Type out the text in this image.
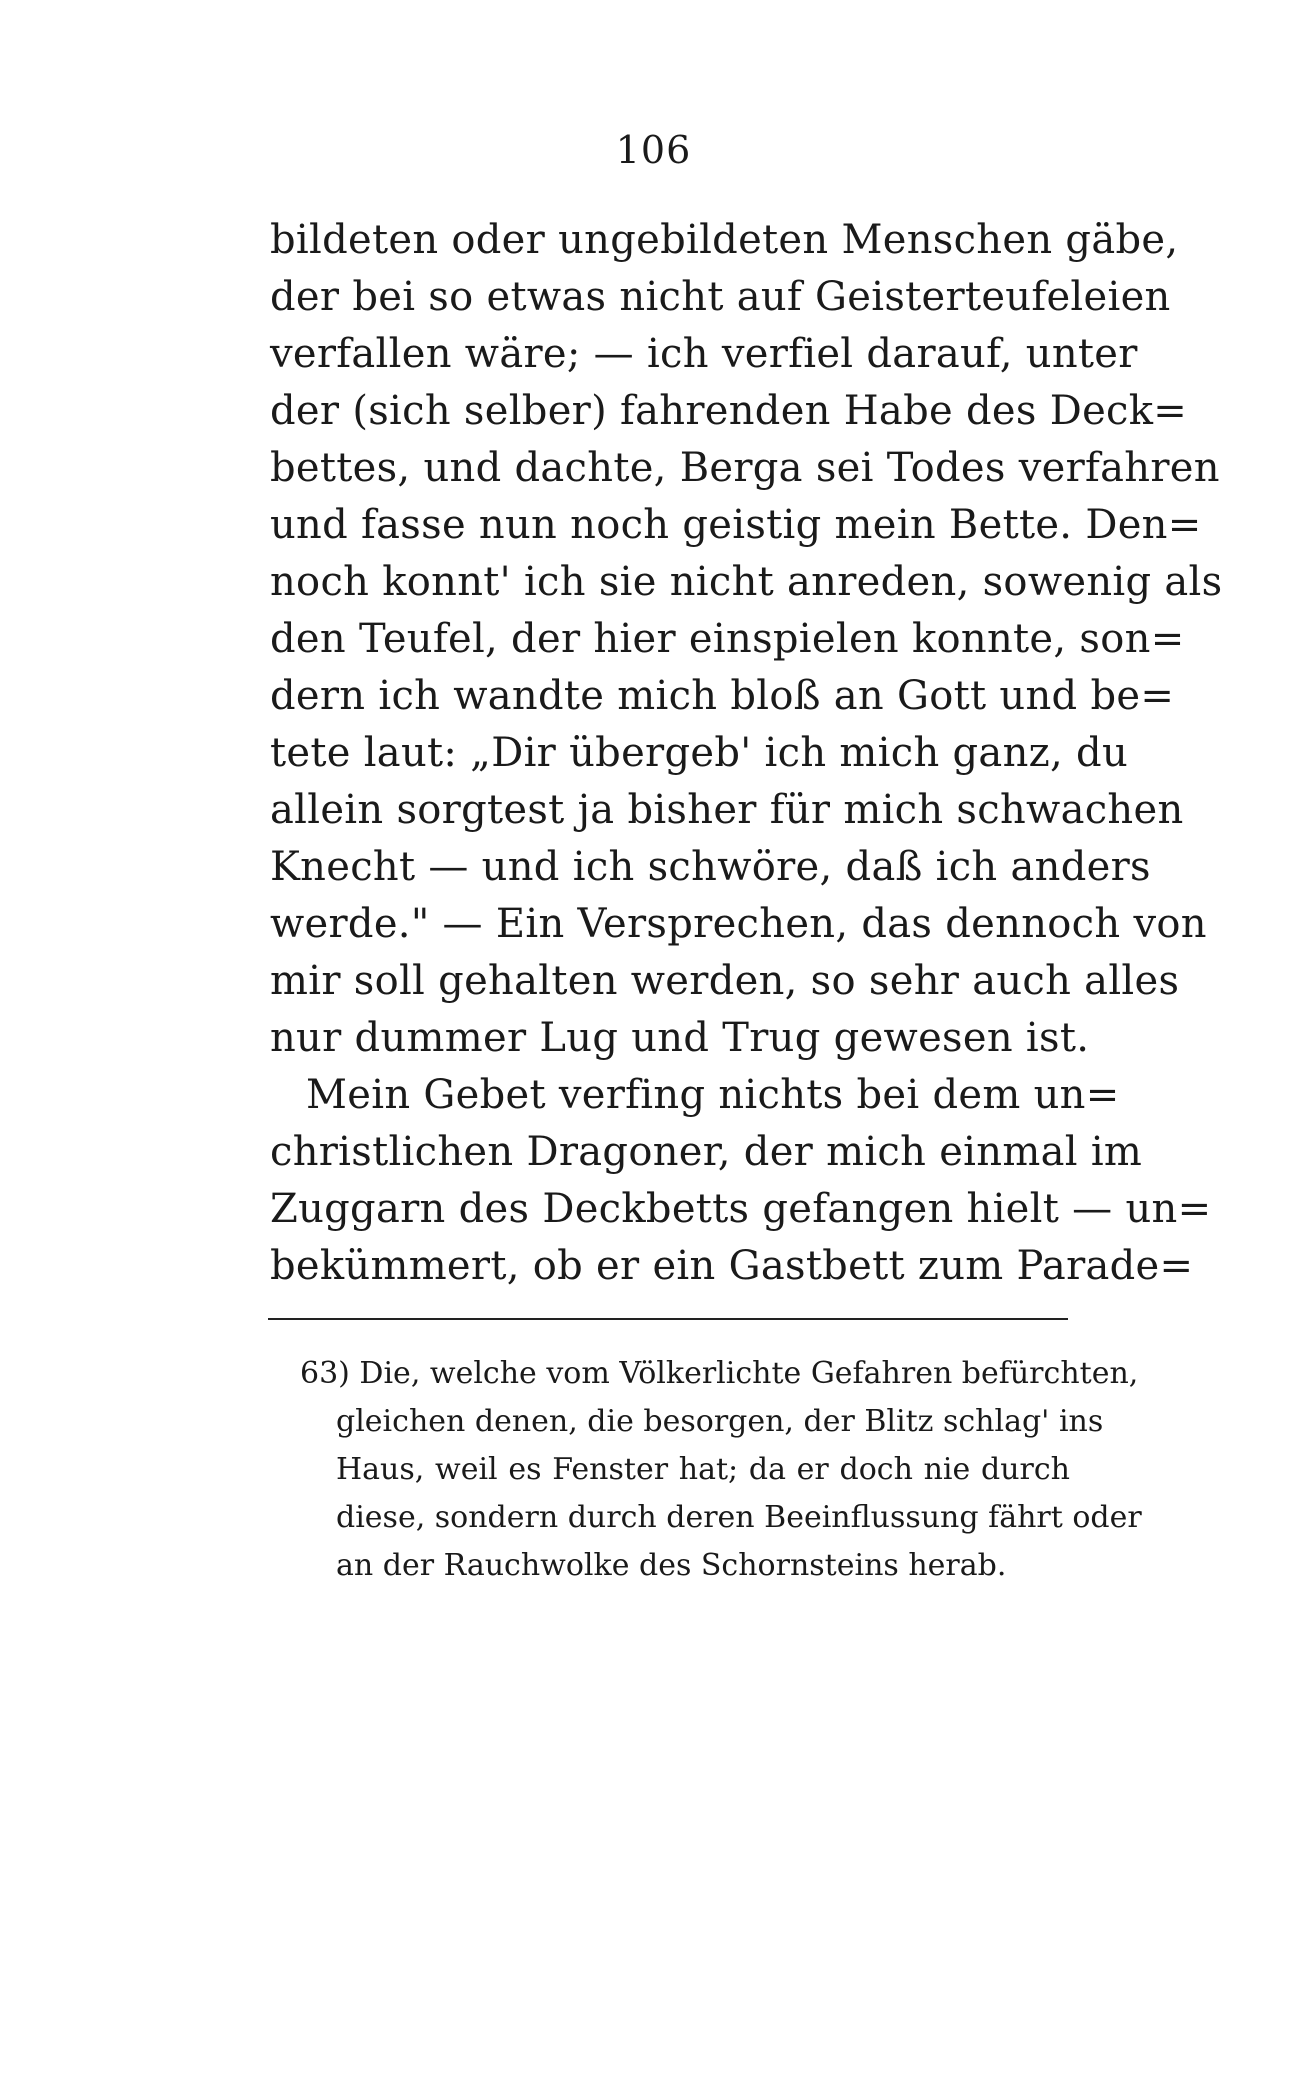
106
bildeten oder ungebildeten Menschen gäbe,
der bei so etwas nicht auf Geisterteufeleien
verfallen wäre; — ich verfiel darauf, unter
der (sich selber) fahrenden Habe des Deck=
bettes, und dachte, Berga sei Todes verfahren
und fasse nun noch geistig mein Bette. Den=
noch konnt' ich sie nicht anreden, sowenig als
den Teufel, der hier einspielen konnte, son=
dern ich wandte mich bloß an Gott und be=
tete laut: „Dir übergeb' ich mich ganz, du
allein sorgtest ja bisher für mich schwachen
Knecht — und ich schwöre, daß ich anders
werde." — Ein Versprechen, das dennoch von
mir soll gehalten werden, so sehr auch alles
nur dummer Lug und Trug gewesen ist.
Mein Gebet verfing nichts bei dem un=
christlichen Dragoner, der mich einmal im
Zuggarn des Deckbetts gefangen hielt — un=
bekümmert, ob er ein Gastbett zum Parade=
63) Die, welche vom Völkerlichte Gefahren befürchten,
gleichen denen, die besorgen, der Blitz schlag' ins
Haus, weil es Fenster hat; da er doch nie durch
diese, sondern durch deren Beeinflussung fährt oder
an der Rauchwolke des Schornsteins herab.
